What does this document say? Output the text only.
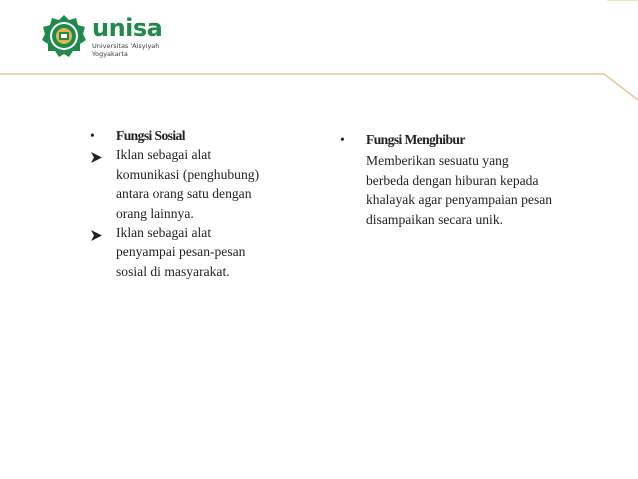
unisa
Universitas 'Aisyiyah
Yogyakarta
• Fungsi Sosial
Iklan sebagai alat komunikasi (penghubung) antara orang satu dengan orang lainnya.
Iklan sebagai alat penyampai pesan-pesan sosial di masyarakat.
• Fungsi Menghibur
Memberikan sesuatu yang berbeda dengan hiburan kepada khalayak agar penyampaian pesan disampaikan secara unik.
